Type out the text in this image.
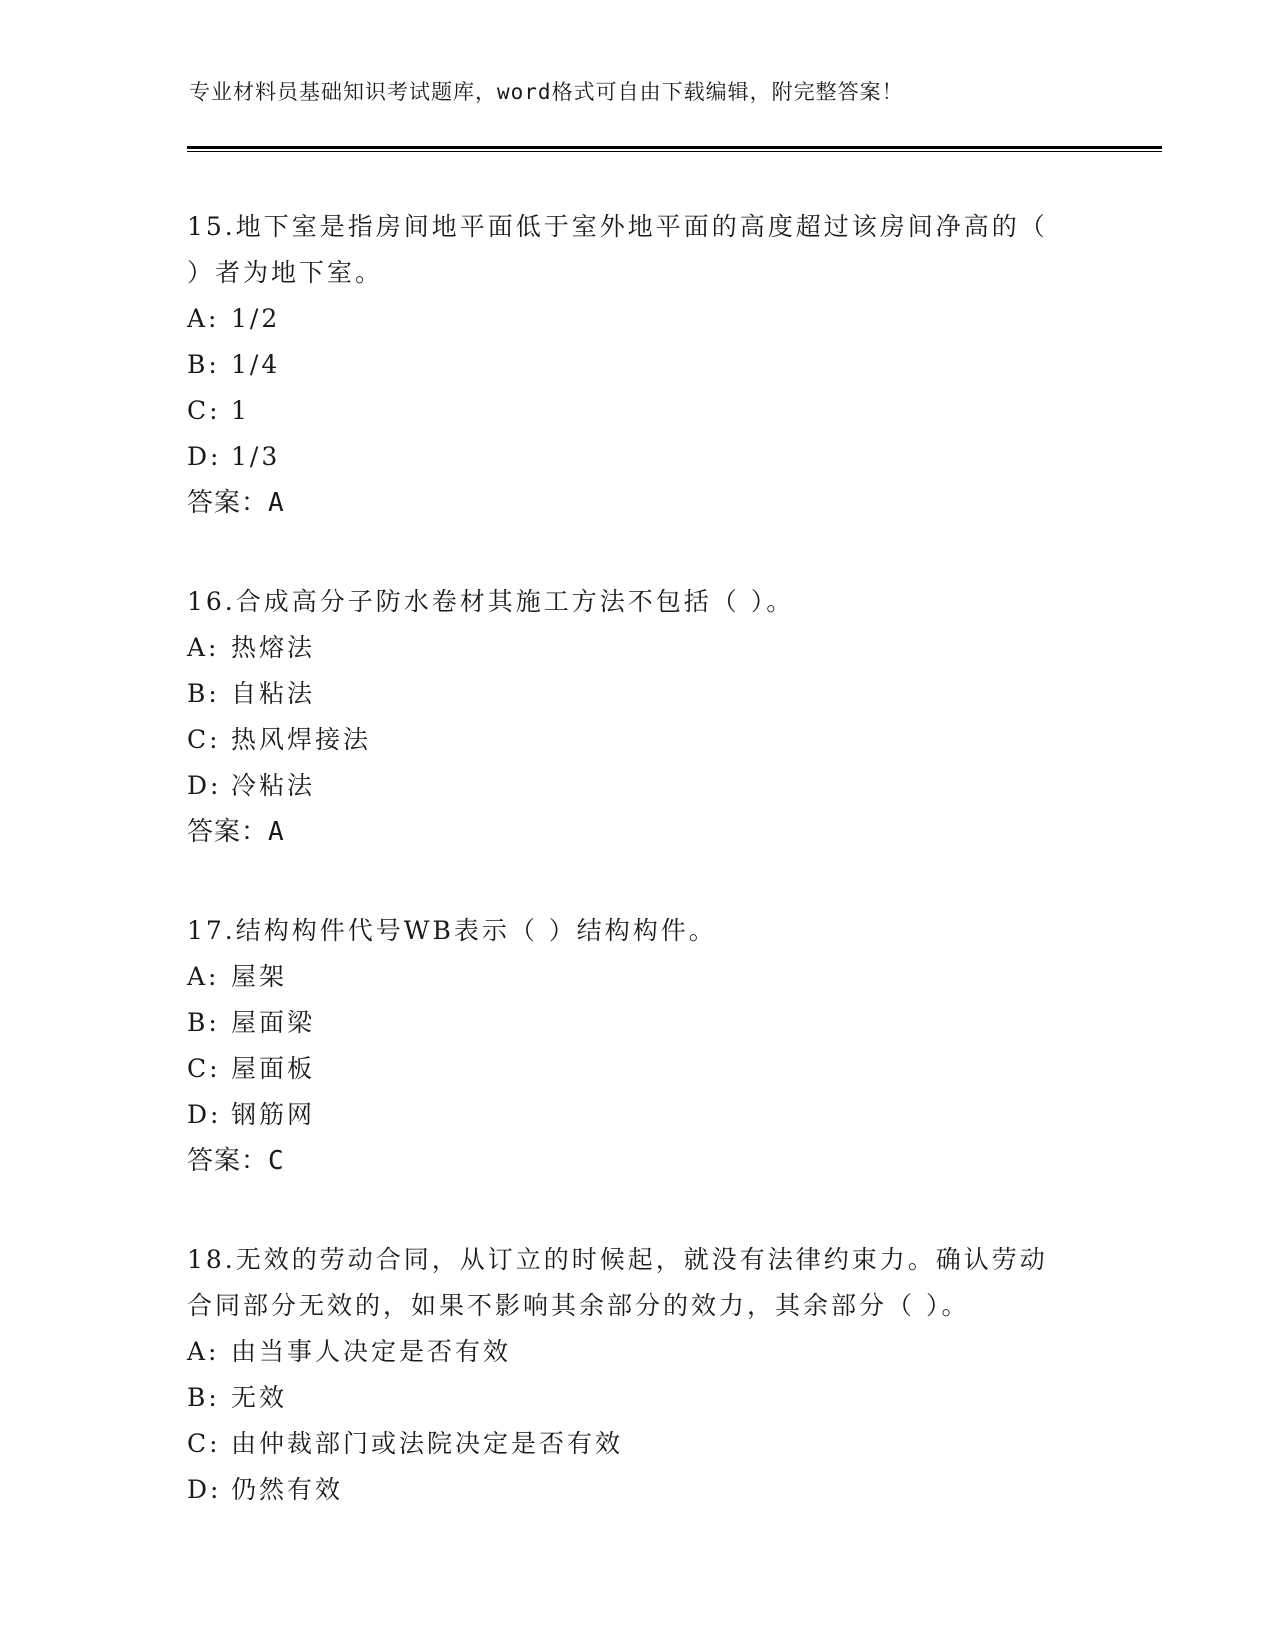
专业材料员基础知识考试题库，word格式可自由下载编辑，附完整答案！

15.地下室是指房间地平面低于室外地平面的高度超过该房间净高的（ ）者为地下室。

A: 1/2
B: 1/4
C: 1
D: 1/3
答案：A

16.合成高分子防水卷材其施工方法不包括（ ）。

A: 热熔法
B: 自粘法
C: 热风焊接法
D: 冷粘法
答案：A

17.结构构件代号WB表示（ ）结构构件。

A: 屋架
B: 屋面梁
C: 屋面板
D: 钢筋网
答案：C

18.无效的劳动合同，从订立的时候起，就没有法律约束力。确认劳动合同部分无效的，如果不影响其余部分的效力，其余部分（ ）。

A: 由当事人决定是否有效
B: 无效
C: 由仲裁部门或法院决定是否有效
D: 仍然有效
